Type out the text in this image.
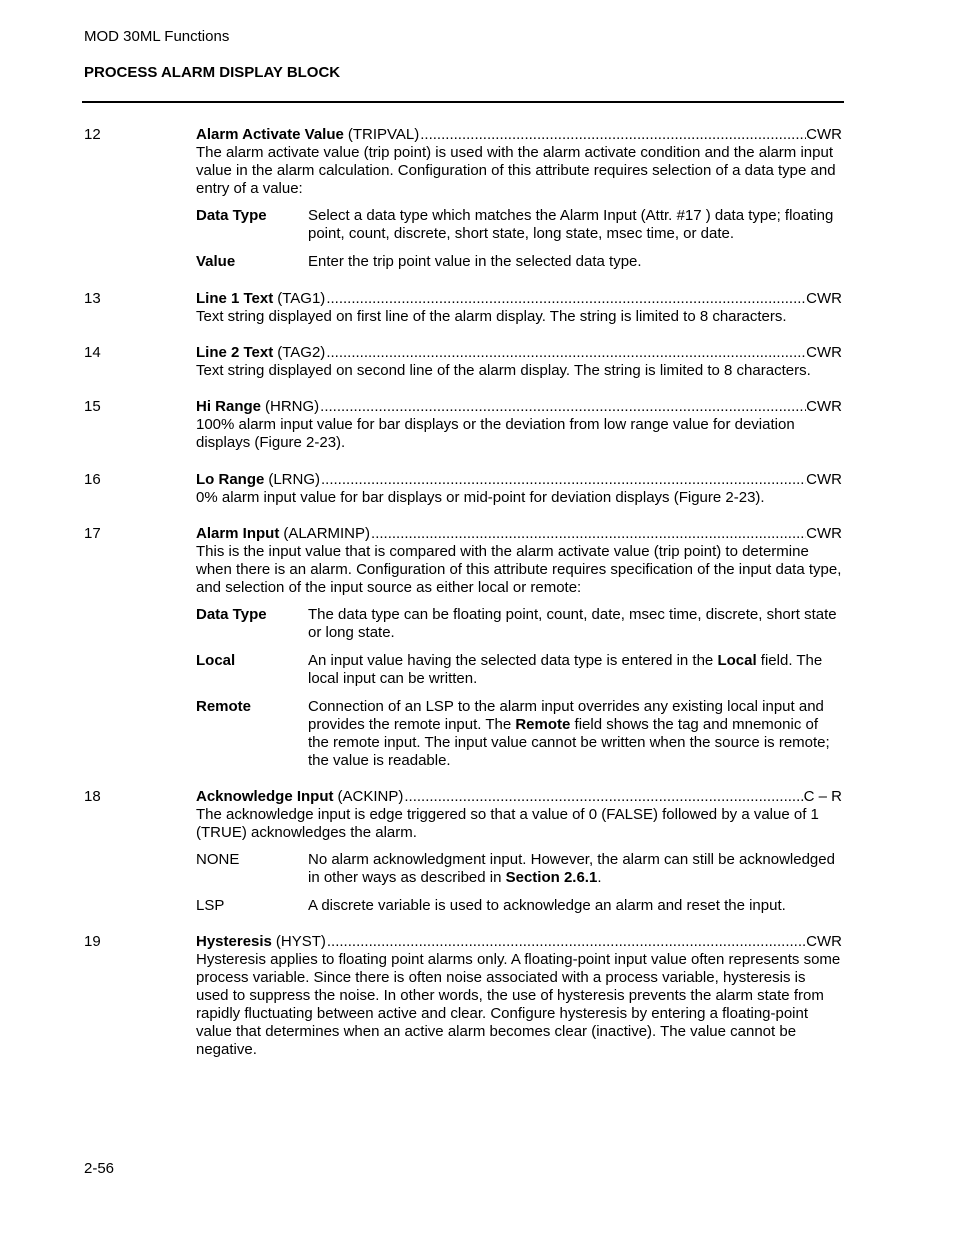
MOD 30ML Functions
PROCESS ALARM DISPLAY BLOCK
12	Alarm Activate Value (TRIPVAL) .....	CWR

The alarm activate value (trip point) is used with the alarm activate condition and the alarm input value in the alarm calculation. Configuration of this attribute requires selection of a data type and entry of a value:

Data Type	Select a data type which matches the Alarm Input (Attr. #17 ) data type; floating point, count, discrete, short state, long state, msec time, or date.
Value	Enter the trip point value in the selected data type.
13	Line 1 Text (TAG1) .....	CWR

Text string displayed on first line of the alarm display. The string is limited to 8 characters.

14	Line 2 Text (TAG2) .....	CWR

Text string displayed on second line of the alarm display. The string is limited to 8 characters.

15	Hi Range (HRNG) .....	CWR

100% alarm input value for bar displays or the deviation from low range value for deviation displays (Figure 2-23).

16	Lo Range (LRNG) .....	CWR

0% alarm input value for bar displays or mid-point for deviation displays (Figure 2-23).

17	Alarm Input (ALARMINP) .....	CWR

This is the input value that is compared with the alarm activate value (trip point) to determine when there is an alarm. Configuration of this attribute requires specification of the input data type, and selection of the input source as either local or remote:

Data Type	The data type can be floating point, count, date, msec time, discrete, short state or long state.
Local	An input value having the selected data type is entered in the Local field. The local input can be written.
Remote	Connection of an LSP to the alarm input overrides any existing local input and provides the remote input. The Remote field shows the tag and mnemonic of the remote input. The input value cannot be written when the source is remote; the value is readable.
18	Acknowledge Input (ACKINP) .....	C – R

The acknowledge input is edge triggered so that a value of 0 (FALSE) followed by a value of 1 (TRUE) acknowledges the alarm.

NONE	No alarm acknowledgment input. However, the alarm can still be acknowledged in other ways as described in Section 2.6.1.
LSP	A discrete variable is used to acknowledge an alarm and reset the input.
19	Hysteresis (HYST) .....	CWR

Hysteresis applies to floating point alarms only. A floating-point input value often represents some process variable. Since there is often noise associated with a process variable, hysteresis is used to suppress the noise. In other words, the use of hysteresis prevents the alarm state from rapidly fluctuating between active and clear. Configure hysteresis by entering a floating-point value that determines when an active alarm becomes clear (inactive). The value cannot be negative.

2-56
